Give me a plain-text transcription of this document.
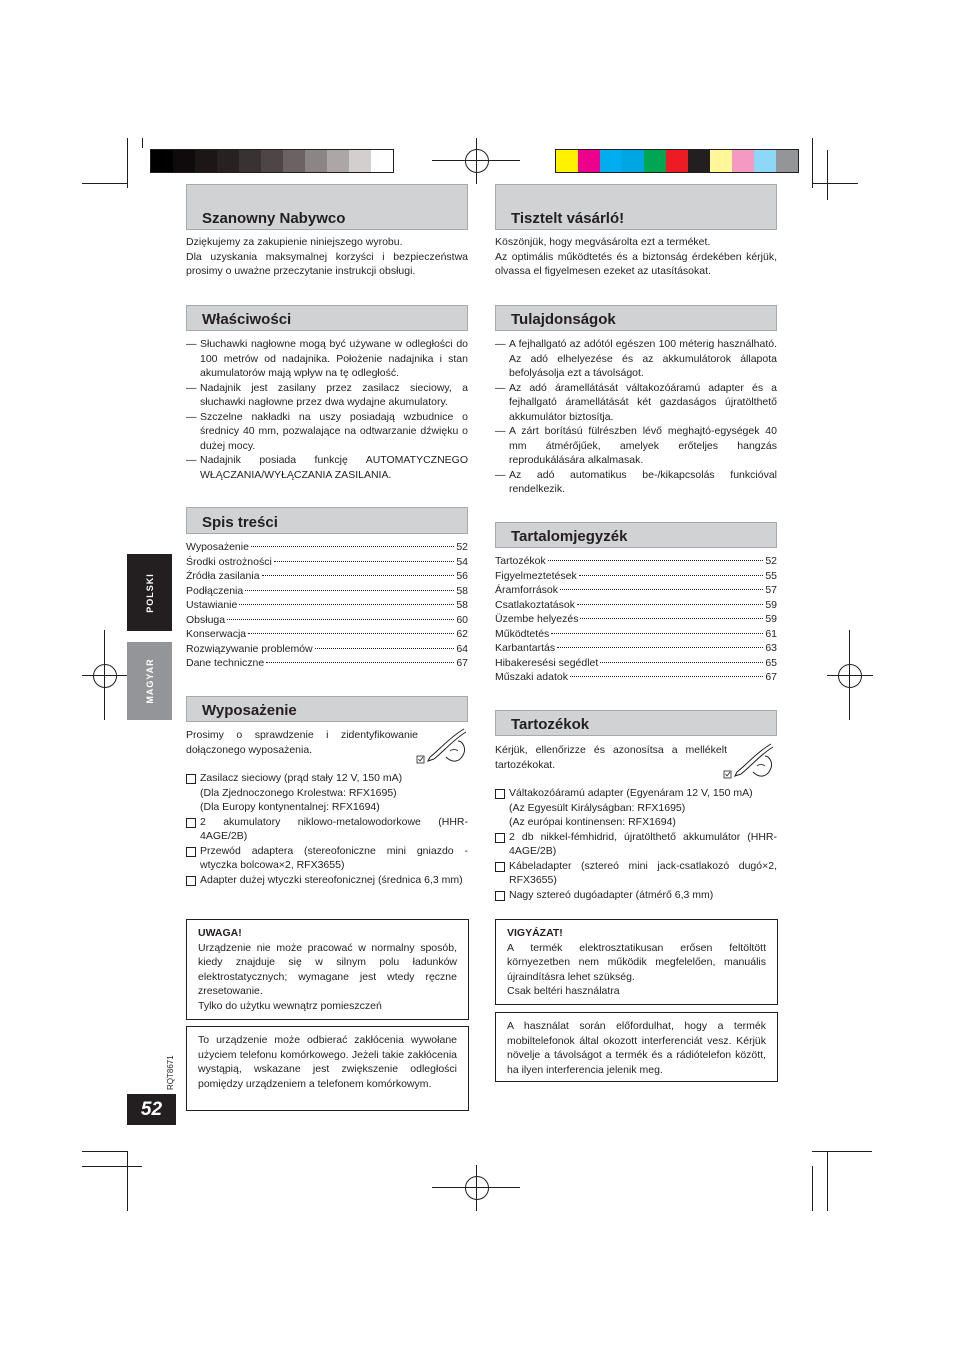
POLSKI
MAGYAR
RQT8671
52
Szanowny Nabywco

Dziękujemy za zakupienie niniejszego wyrobu.

Dla uzyskania maksymalnej korzyści i bezpieczeństwa prosimy o uważne przeczytanie instrukcji obsługi.

Właściwości
— Słuchawki nagłowne mogą być używane w odległości do 100 metrów od nadajnika. Położenie nadajnika i stan akumulatorów mają wpływ na tę odległość.
— Nadajnik jest zasilany przez zasilacz sieciowy, a słuchawki nagłowne przez dwa wydajne akumulatory.
— Szczelne nakładki na uszy posiadają wzbudnice o średnicy 40 mm, pozwalające na odtwarzanie dźwięku o dużej mocy.
— Nadajnik posiada funkcję AUTOMATYCZNEGO WŁĄCZANIA/WYŁĄCZANIA ZASILANIA.
Spis treści
Wyposażenie	52
Środki ostrożności	54
Źródła zasilania	56
Podłączenia	58
Ustawianie	58
Obsługa	60
Konserwacja	62
Rozwiązywanie problemów	64
Dane techniczne	67
Wyposażenie
Prosimy o sprawdzenie i zidentyfikowanie dołączonego wyposażenia.
Zasilacz sieciowy (prąd stały 12 V, 150 mA)
(Dla Zjednoczonego Krolestwa: RFX1695)
(Dla Europy kontynentalnej: RFX1694)
2 akumulatory niklowo-metalowodorkowe (HHR-4AGE/2B)
Przewód adaptera (stereofoniczne mini gniazdo - wtyczka bolcowa×2, RFX3655)
Adapter dużej wtyczki stereofonicznej (średnica 6,3 mm)
UWAGA!
Urządzenie nie może pracować w normalny sposób, kiedy znajduje się w silnym polu ładunków elektrostatycznych; wymagane jest wtedy ręczne zresetowanie.
Tylko do użytku wewnątrz pomieszczeń
To urządzenie może odbierać zakłócenia wywołane użyciem telefonu komórkowego. Jeżeli takie zakłócenia wystąpią, wskazane jest zwiększenie odległości pomiędzy urządzeniem a telefonem komórkowym.
Tisztelt vásárló!

Köszönjük, hogy megvásárolta ezt a terméket.

Az optimális működtetés és a biztonság érdekében kérjük, olvassa el figyelmesen ezeket az utasításokat.

Tulajdonságok
— A fejhallgató az adótól egészen 100 méterig használható. Az adó elhelyezése és az akkumulátorok állapota befolyásolja ezt a távolságot.
— Az adó áramellátását váltakozóáramú adapter és a fejhallgató áramellátását két gazdaságos újratölthető akkumulátor biztosítja.
— A zárt borítású fülrészben lévő meghajtó-egységek 40 mm átmérőjűek, amelyek erőteljes hangzás reprodukálására alkalmasak.
— Az adó automatikus be-/kikapcsolás funkcióval rendelkezik.
Tartalomjegyzék
Tartozékok	52
Figyelmeztetések	55
Áramforrások	57
Csatlakoztatások	59
Üzembe helyezés	59
Működtetés	61
Karbantartás	63
Hibakeresési segédlet	65
Műszaki adatok	67
Tartozékok
Kérjük, ellenőrizze és azonosítsa a mellékelt tartozékokat.
Váltakozóáramú adapter (Egyenáram 12 V, 150 mA)
(Az Egyesült Királyságban: RFX1695)
(Az európai kontinensen: RFX1694)
2 db nikkel-fémhidrid, újratölthető akkumulátor (HHR-4AGE/2B)
Kábeladapter (sztereó mini jack-csatlakozó dugó×2, RFX3655)
Nagy sztereó dugóadapter (átmérő 6,3 mm)
VIGYÁZAT!
A termék elektrosztatikusan erősen feltöltött környezetben nem működik megfelelően, manuális újraindításra lehet szükség.
Csak beltéri használatra
A használat során előfordulhat, hogy a termék mobiltelefonok által okozott interferenciát vesz. Kérjük növelje a távolságot a termék és a rádiótelefon között, ha ilyen interferencia jelenik meg.
